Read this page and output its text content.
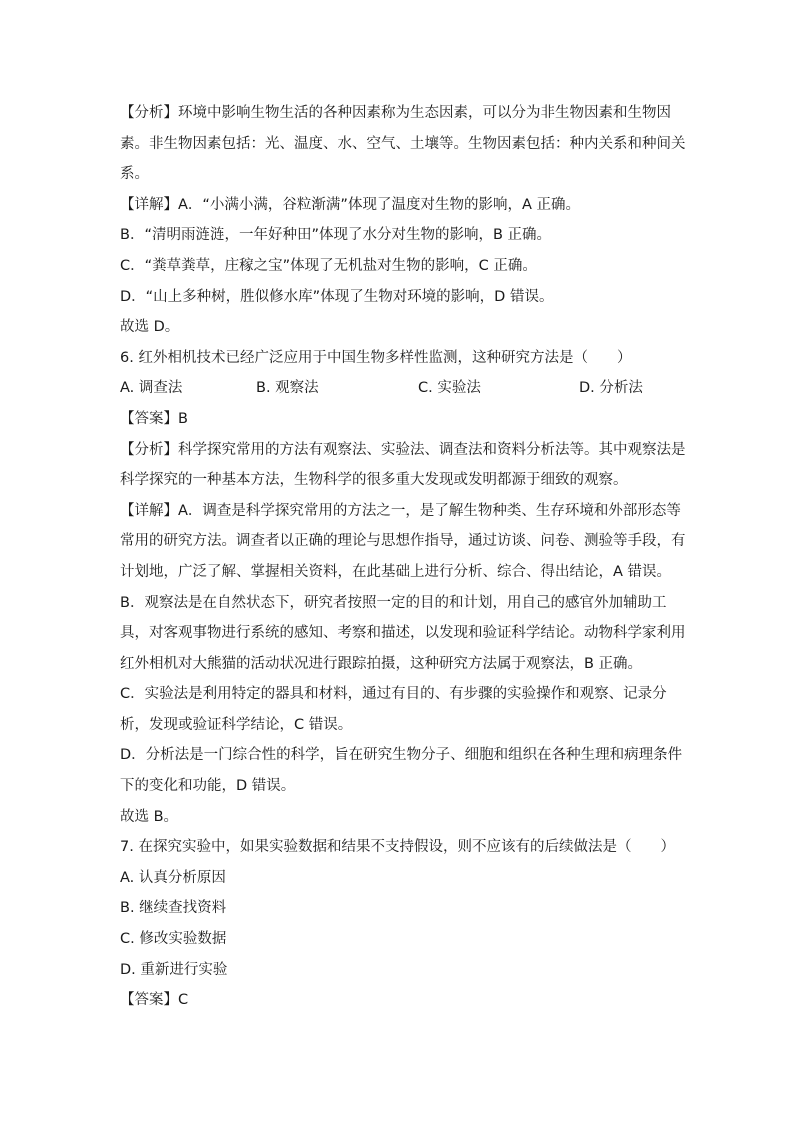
【分析】环境中影响生物生活的各种因素称为生态因素，可以分为非生物因素和生物因
素。非生物因素包括：光、温度、水、空气、土壤等。生物因素包括：种内关系和种间关
系。
【详解】A．“小满小满，谷粒渐满”体现了温度对生物的影响，A 正确。
B．“清明雨涟涟，一年好种田”体现了水分对生物的影响，B 正确。
C．“粪草粪草，庄稼之宝”体现了无机盐对生物的影响，C 正确。
D．“山上多种树，胜似修水库”体现了生物对环境的影响，D 错误。
故选 D。
6. 红外相机技术已经广泛应用于中国生物多样性监测，这种研究方法是（　　）
A. 调查法	B. 观察法	C. 实验法	D. 分析法
【答案】B
【分析】科学探究常用的方法有观察法、实验法、调查法和资料分析法等。其中观察法是
科学探究的一种基本方法，生物科学的很多重大发现或发明都源于细致的观察。
【详解】A．调查是科学探究常用的方法之一，是了解生物种类、生存环境和外部形态等
常用的研究方法。调查者以正确的理论与思想作指导，通过访谈、问卷、测验等手段，有
计划地，广泛了解、掌握相关资料，在此基础上进行分析、综合、得出结论，A 错误。
B．观察法是在自然状态下，研究者按照一定的目的和计划，用自己的感官外加辅助工
具，对客观事物进行系统的感知、考察和描述，以发现和验证科学结论。动物科学家利用
红外相机对大熊猫的活动状况进行跟踪拍摄，这种研究方法属于观察法，B 正确。
C．实验法是利用特定的器具和材料，通过有目的、有步骤的实验操作和观察、记录分
析，发现或验证科学结论，C 错误。
D．分析法是一门综合性的科学，旨在研究生物分子、细胞和组织在各种生理和病理条件
下的变化和功能，D 错误。
故选 B。
7. 在探究实验中，如果实验数据和结果不支持假设，则不应该有的后续做法是（　　）
A. 认真分析原因
B. 继续查找资料
C. 修改实验数据
D. 重新进行实验
【答案】C
